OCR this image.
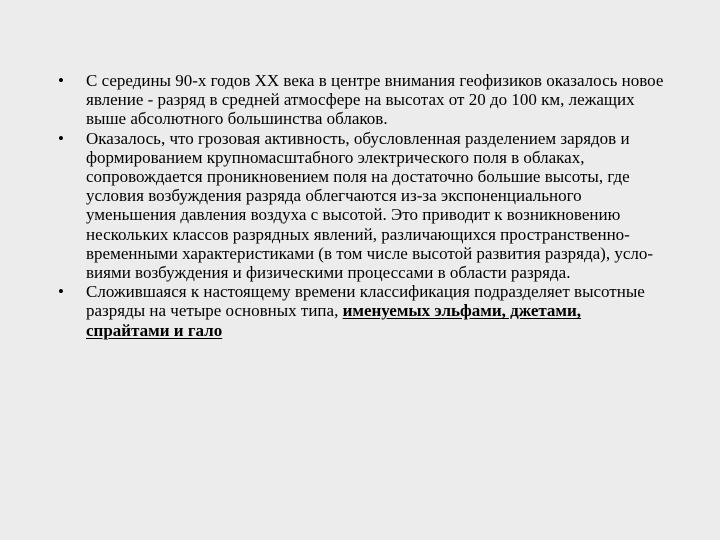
•	С середины 90-х годов XX века в центре внимания геофизиков оказалось новое явление - разряд в средней атмосфере на высотах от 20 до 100 км, лежащих выше абсолютного большинства облаков.
•	Оказалось, что грозовая активность, обусловленная разделением зарядов и формированием крупномасштабного электрического поля в облаках, сопровождается проникновением поля на достаточно большие высоты, где условия возбуждения разряда облегчаются из-за экспоненциального уменьшения давления воздуха с высотой. Это приводит к возникновению нескольких классов разрядных явлений, различающихся пространственно-временными характеристиками (в том числе высотой развития разряда), усло-виями возбуждения и физическими процессами в области разряда.
•	Сложившаяся к настоящему времени классификация подразделяет высотные разряды на четыре основных типа, именуемых эльфами, джетами, спрайтами и гало
